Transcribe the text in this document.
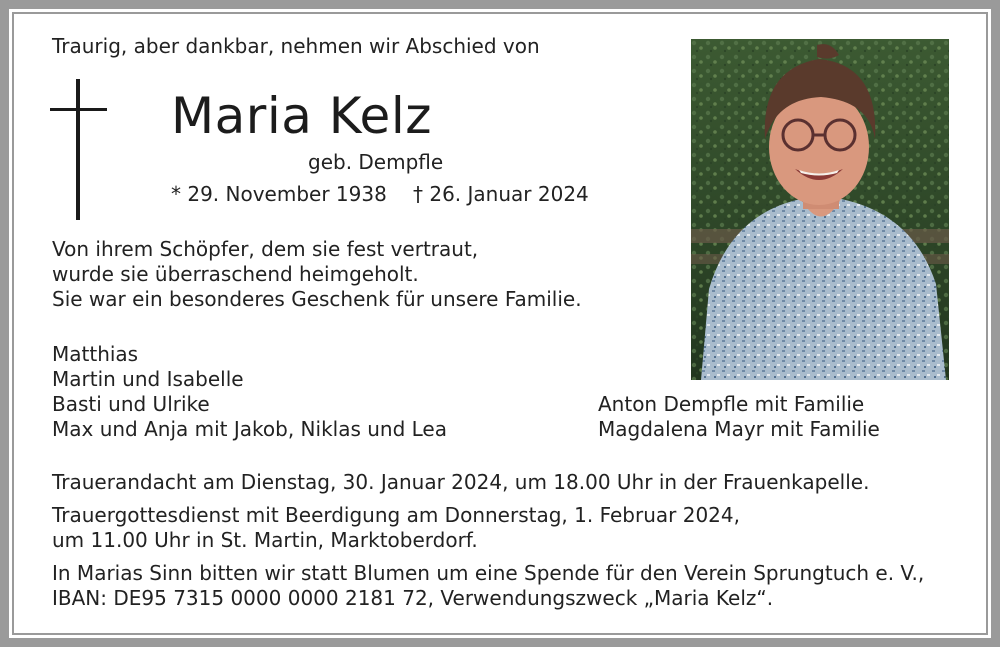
Traurig, aber dankbar, nehmen wir Abschied von
Maria Kelz
geb. Dempfle
* 29. November 1938 † 26. Januar 2024
Von ihrem Schöpfer, dem sie fest vertraut,
wurde sie überraschend heimgeholt.
Sie war ein besonderes Geschenk für unsere Familie.
Matthias
Martin und Isabelle
Basti und Ulrike
Max und Anja mit Jakob, Niklas und Lea
Anton Dempfle mit Familie
Magdalena Mayr mit Familie
Trauerandacht am Dienstag, 30. Januar 2024, um 18.00 Uhr in der Frauenkapelle.
Trauergottesdienst mit Beerdigung am Donnerstag, 1. Februar 2024,
um 11.00 Uhr in St. Martin, Marktoberdorf.
In Marias Sinn bitten wir statt Blumen um eine Spende für den Verein Sprungtuch e. V.,
IBAN: DE95 7315 0000 0000 2181 72, Verwendungszweck „Maria Kelz“.
